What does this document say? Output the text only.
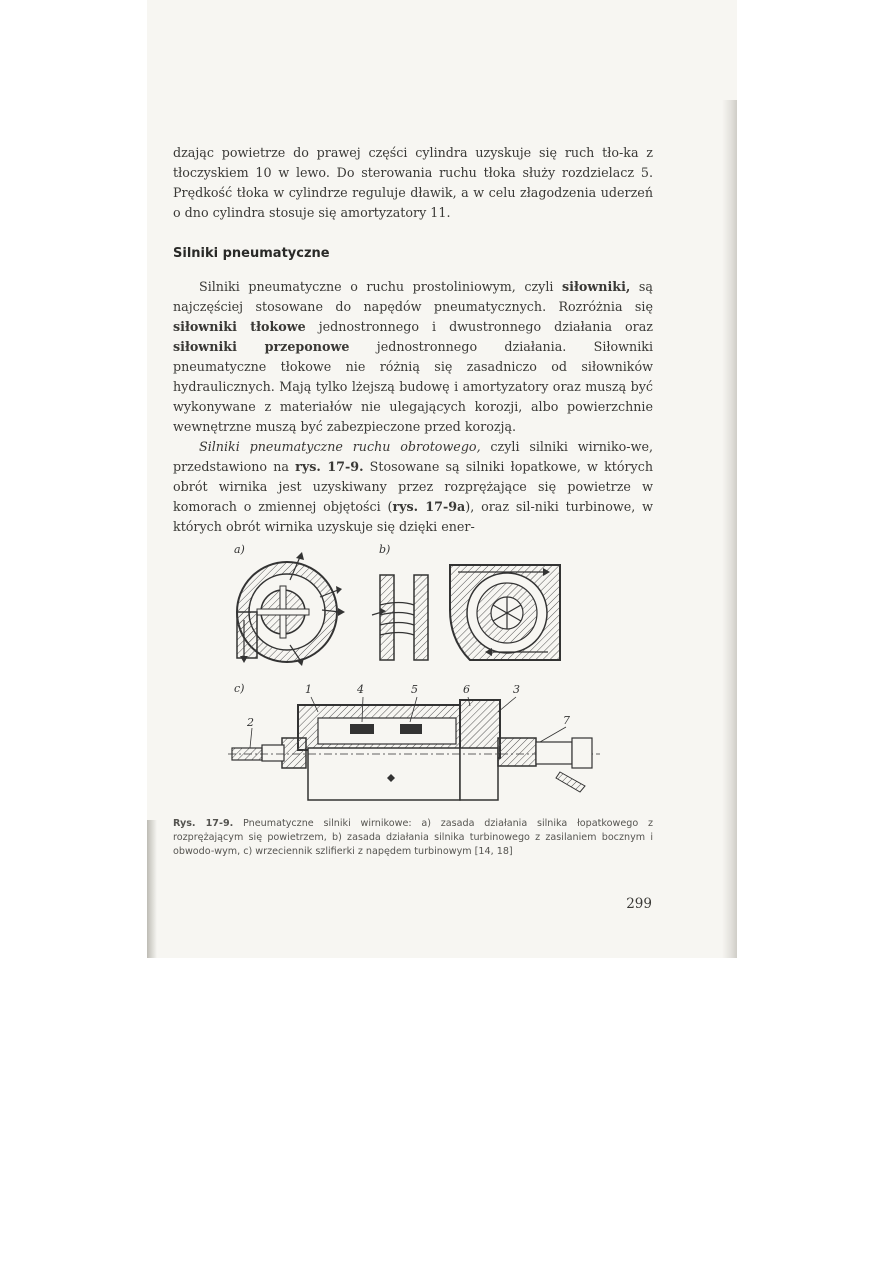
dzając powietrze do prawej części cylindra uzyskuje się ruch tło-ka z tłoczyskiem 10 w lewo. Do sterowania ruchu tłoka służy rozdzielacz 5. Prędkość tłoka w cylindrze reguluje dławik, a w celu złagodzenia uderzeń o dno cylindra stosuje się amortyzatory 11.

Silniki pneumatyczne

Silniki pneumatyczne o ruchu prostoliniowym, czyli siłowniki, są najczęściej stosowane do napędów pneumatycznych. Rozróżnia się siłowniki tłokowe jednostronnego i dwustronnego działania oraz siłowniki przeponowe jednostronnego działania. Siłowniki pneumatyczne tłokowe nie różnią się zasadniczo od siłowników hydraulicznych. Mają tylko lżejszą budowę i amortyzatory oraz muszą być wykonywane z materiałów nie ulegających korozji, albo powierzchnie wewnętrzne muszą być zabezpieczone przed korozją.

Silniki pneumatyczne ruchu obrotowego, czyli silniki wirniko-we, przedstawiono na rys. 17-9. Stosowane są silniki łopatkowe, w których obrót wirnika jest uzyskiwany przez rozprężające się powietrze w komorach o zmiennej objętości (rys. 17-9a), oraz sil-niki turbinowe, w których obrót wirnika uzyskuje się dzięki ener-

a)	b)
c)	1	4	5	6	3
2	7
Rys. 17-9. Pneumatyczne silniki wirnikowe: a) zasada działania silnika łopatkowego z rozprężającym się powietrzem, b) zasada działania silnika turbinowego z zasilaniem bocznym i obwodo-wym, c) wrzeciennik szlifierki z napędem turbinowym [14, 18]
299
